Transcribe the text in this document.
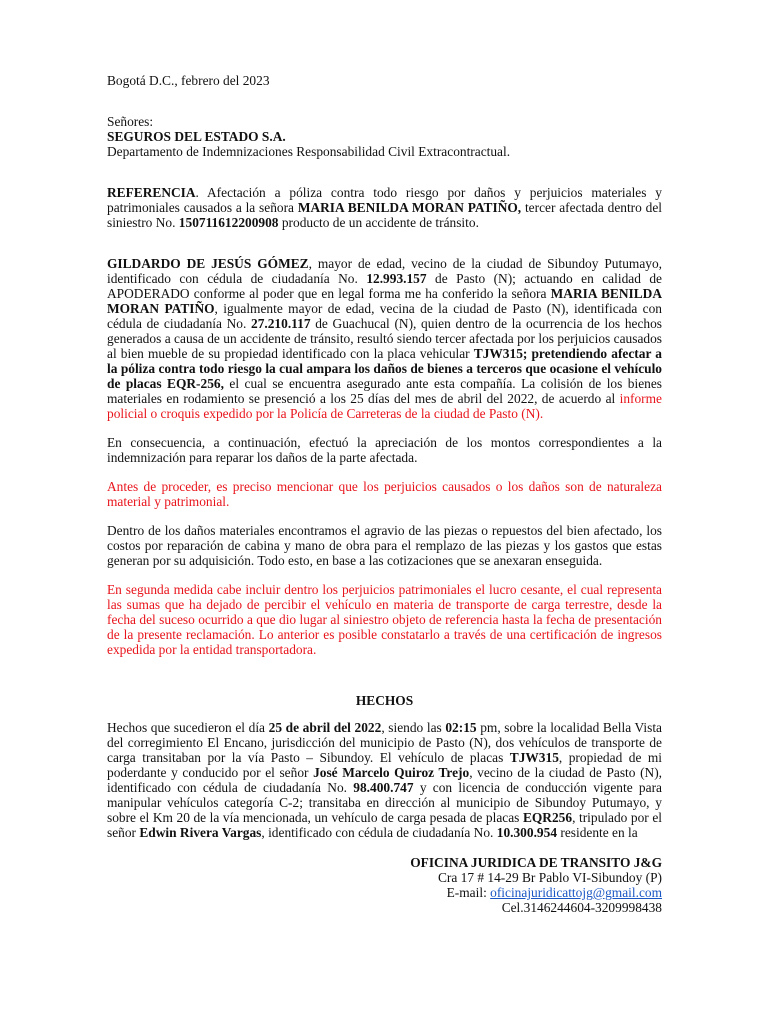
Bogotá D.C., febrero del 2023

Señores:
SEGUROS DEL ESTADO S.A.
Departamento de Indemnizaciones Responsabilidad Civil Extracontractual.

REFERENCIA. Afectación a póliza contra todo riesgo por daños y perjuicios materiales y patrimoniales causados a la señora MARIA BENILDA MORAN PATIÑO, tercer afectada dentro del siniestro No. 150711612200908 producto de un accidente de tránsito.

GILDARDO DE JESÚS GÓMEZ, mayor de edad, vecino de la ciudad de Sibundoy Putumayo, identificado con cédula de ciudadanía No. 12.993.157 de Pasto (N); actuando en calidad de APODERADO conforme al poder que en legal forma me ha conferido la señora MARIA BENILDA MORAN PATIÑO, igualmente mayor de edad, vecina de la ciudad de Pasto (N), identificada con cédula de ciudadanía No. 27.210.117 de Guachucal (N), quien dentro de la ocurrencia de los hechos generados a causa de un accidente de tránsito, resultó siendo tercer afectada por los perjuicios causados al bien mueble de su propiedad identificado con la placa vehicular TJW315; pretendiendo afectar a la póliza contra todo riesgo la cual ampara los daños de bienes a terceros que ocasione el vehículo de placas EQR-256, el cual se encuentra asegurado ante esta compañía. La colisión de los bienes materiales en rodamiento se presenció a los 25 días del mes de abril del 2022, de acuerdo al informe policial o croquis expedido por la Policía de Carreteras de la ciudad de Pasto (N).

En consecuencia, a continuación, efectuó la apreciación de los montos correspondientes a la indemnización para reparar los daños de la parte afectada.

Antes de proceder, es preciso mencionar que los perjuicios causados o los daños son de naturaleza material y patrimonial.

Dentro de los daños materiales encontramos el agravio de las piezas o repuestos del bien afectado, los costos por reparación de cabina y mano de obra para el remplazo de las piezas y los gastos que estas generan por su adquisición. Todo esto, en base a las cotizaciones que se anexaran enseguida.

En segunda medida cabe incluir dentro los perjuicios patrimoniales el lucro cesante, el cual representa las sumas que ha dejado de percibir el vehículo en materia de transporte de carga terrestre, desde la fecha del suceso ocurrido a que dio lugar al siniestro objeto de referencia hasta la fecha de presentación de la presente reclamación. Lo anterior es posible constatarlo a través de una certificación de ingresos expedida por la entidad transportadora.

HECHOS

Hechos que sucedieron el día 25 de abril del 2022, siendo las 02:15 pm, sobre la localidad Bella Vista del corregimiento El Encano, jurisdicción del municipio de Pasto (N), dos vehículos de transporte de carga transitaban por la vía Pasto – Sibundoy. El vehículo de placas TJW315, propiedad de mi poderdante y conducido por el señor José Marcelo Quiroz Trejo, vecino de la ciudad de Pasto (N), identificado con cédula de ciudadanía No. 98.400.747 y con licencia de conducción vigente para manipular vehículos categoría C-2; transitaba en dirección al municipio de Sibundoy Putumayo, y sobre el Km 20 de la vía mencionada, un vehículo de carga pesada de placas EQR256, tripulado por el señor Edwin Rivera Vargas, identificado con cédula de ciudadanía No. 10.300.954 residente en la

OFICINA JURIDICA DE TRANSITO J&G
Cra 17 # 14-29 Br Pablo VI-Sibundoy (P)
E-mail: oficinajuridicattojg@gmail.com
Cel.3146244604-3209998438
